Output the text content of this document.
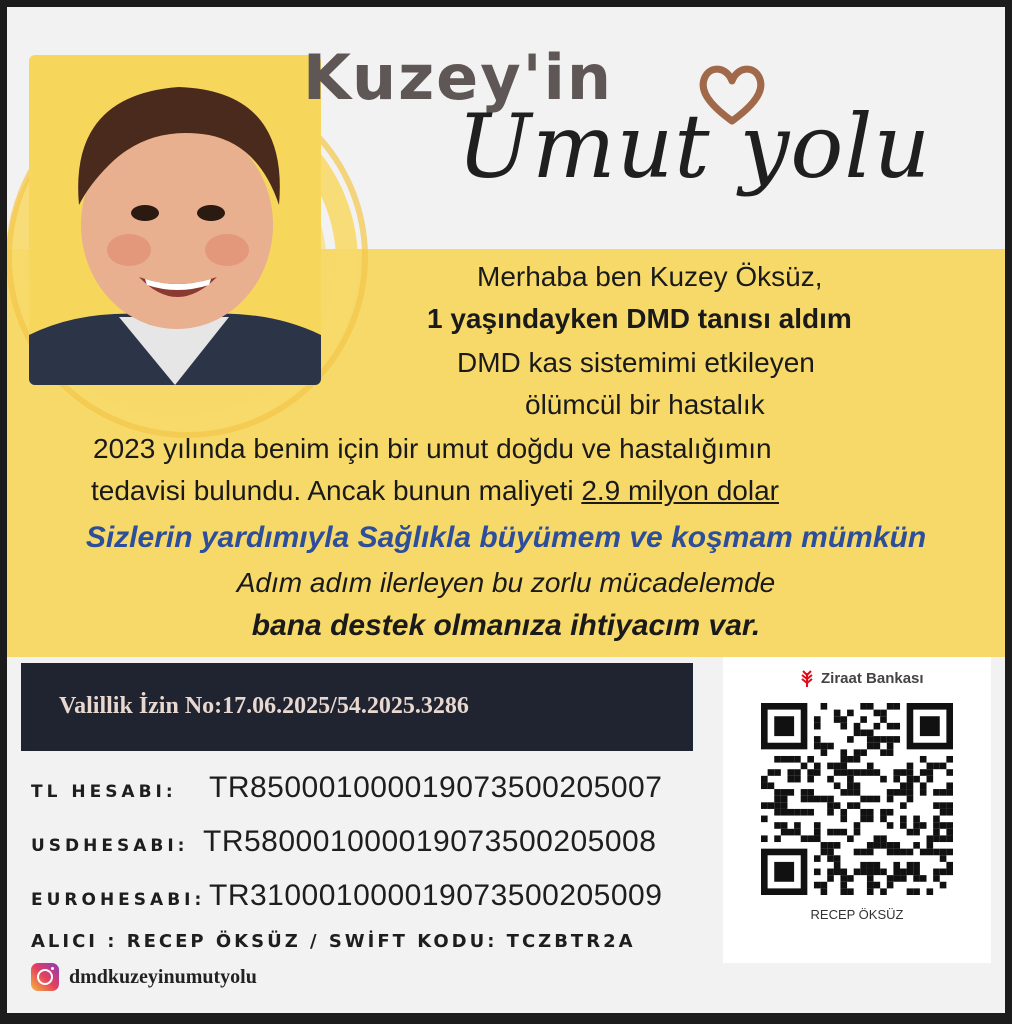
Kuzey'in
Umut yolu
Merhaba ben Kuzey Öksüz,
1 yaşındayken DMD tanısı aldım
DMD kas sistemimi etkileyen
ölümcül bir hastalık
2023 yılında benim için bir umut doğdu ve hastalığımın
tedavisi bulundu. Ancak bunun maliyeti 2.9 milyon dolar
Sizlerin yardımıyla Sağlıkla büyümem ve koşmam mümkün
Adım adım ilerleyen bu zorlu mücadelemde
bana destek olmanıza ihtiyacım var.
Valillik İzin No:17.06.2025/54.2025.3286
TL HESABI: TR850001000019073500205007
USDHESABI: TR580001000019073500205008
EUROHESABI: TR310001000019073500205009
ALICI : RECEP ÖKSÜZ / SWİFT KODU: TCZBTR2A
dmdkuzeyinumutyolu
Ziraat Bankası
RECEP ÖKSÜZ
